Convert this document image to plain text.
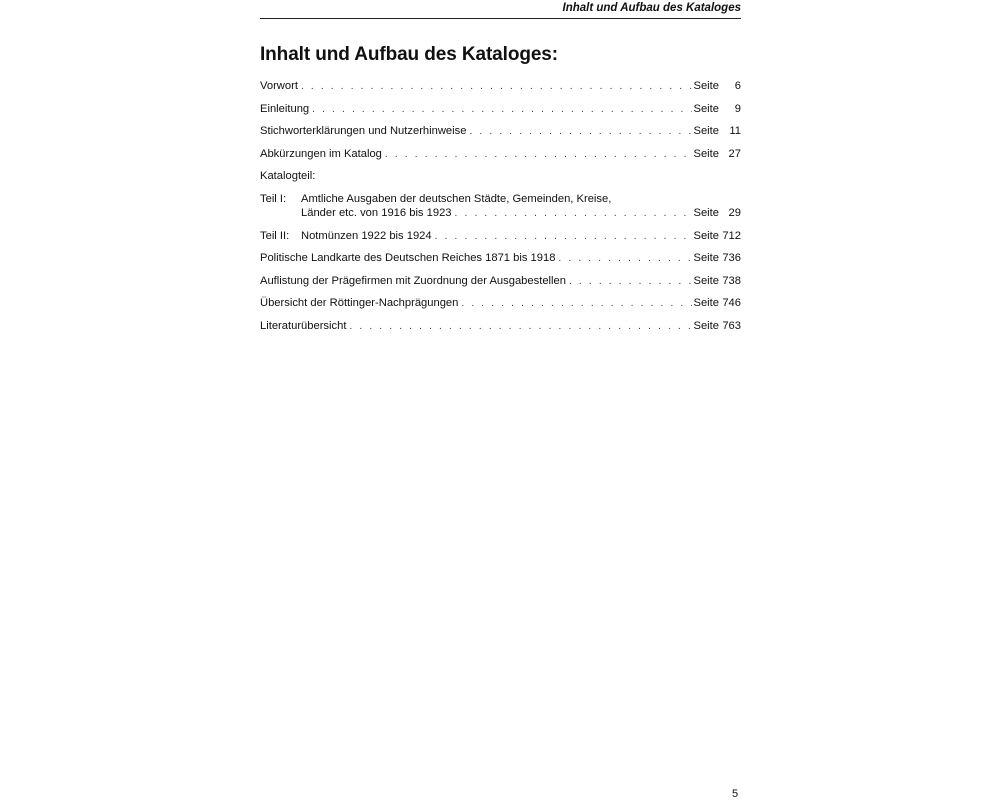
Inhalt und Aufbau des Kataloges
Inhalt und Aufbau des Kataloges:
Vorwort . . .	Seite	6
Einleitung . . .	Seite	9
Stichworterklärungen und Nutzerhinweise . . .	Seite 11
Abkürzungen im Katalog . . .	Seite 27
Katalogteil:
Teil I:	Amtliche Ausgaben der deutschen Städte, Gemeinden, Kreise,
Länder etc. von 1916 bis 1923 . . .	Seite 29
Teil II:	Notmünzen 1922 bis 1924 . . .	Seite 712
Politische Landkarte des Deutschen Reiches 1871 bis 1918 . . .	Seite 736
Auflistung der Prägefirmen mit Zuordnung der Ausgabestellen . . .	Seite 738
Übersicht der Röttinger-Nachprägungen . . .	Seite 746
Literaturübersicht . . .	Seite 763
5
